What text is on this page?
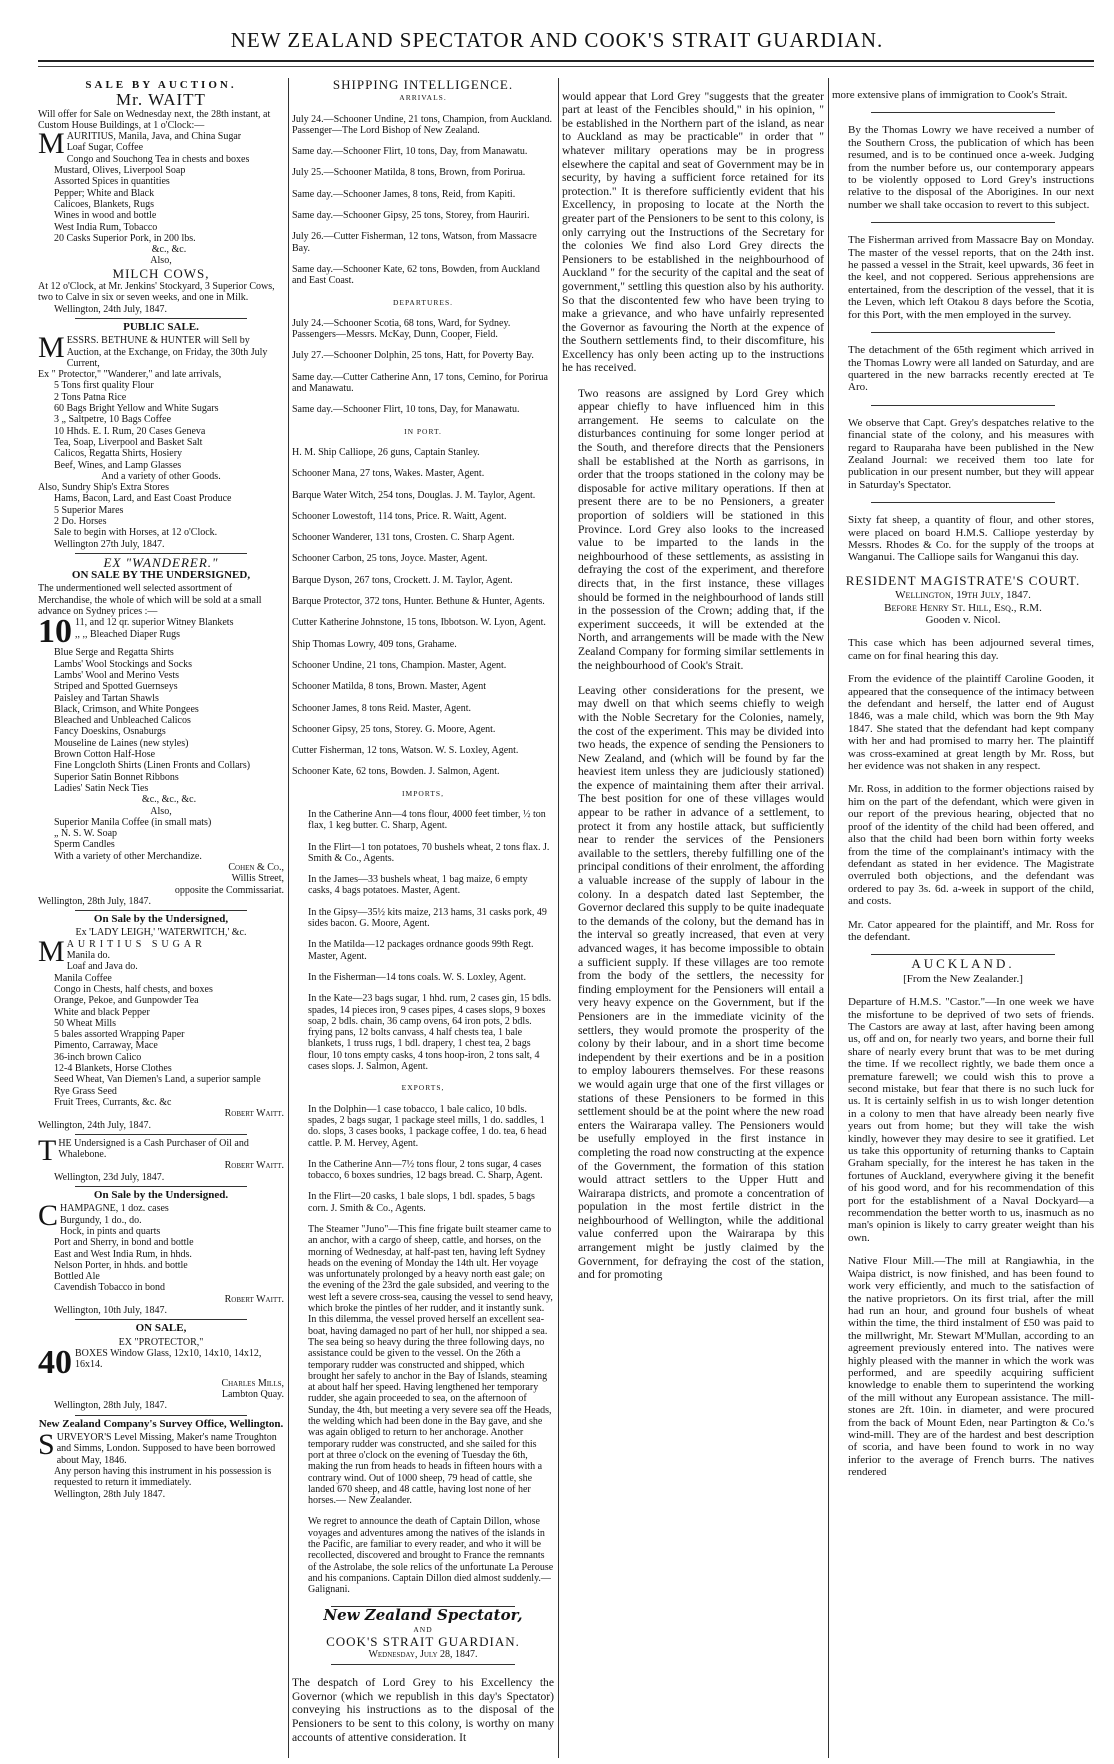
NEW ZEALAND SPECTATOR AND COOK'S STRAIT GUARDIAN.
SALE BY AUCTION.
Mr. WAITT

Will offer for Sale on Wednesday next, the 28th instant, at Custom House Buildings, at 1 o'Clock:—

M AURITIUS, Manila, Java, and China Sugar

Loaf Sugar, Coffee

Congo and Souchong Tea in chests and boxes

Mustard, Olives, Liverpool Soap

Assorted Spices in quantities

Pepper; White and Black

Calicoes, Blankets, Rugs

Wines in wood and bottle

West India Rum, Tobacco

20 Casks Superior Pork, in 200 lbs.

&c., &c.

Also,

MILCH COWS,

At 12 o'Clock, at Mr. Jenkins' Stockyard, 3 Superior Cows, two to Calve in six or seven weeks, and one in Milk.

Wellington, 24th July, 1847.

PUBLIC SALE.
M ESSRS. BETHUNE & HUNTER will Sell by Auction, at the Exchange, on Friday, the 30th July Current,

Ex " Protector," "Wanderer," and late arrivals,

5 Tons first quality Flour

2 Tons Patna Rice

60 Bags Bright Yellow and White Sugars

3 „ Saltpetre, 10 Bags Coffee

10 Hhds. E. I. Rum, 20 Cases Geneva

Tea, Soap, Liverpool and Basket Salt

Calicos, Regatta Shirts, Hosiery

Beef, Wines, and Lamp Glasses

And a variety of other Goods.

Also, Sundry Ship's Extra Stores

Hams, Bacon, Lard, and East Coast Produce

5 Superior Mares

2 Do. Horses

Sale to begin with Horses, at 12 o'Clock.

Wellington 27th July, 1847.

EX "WANDERER."
ON SALE BY THE UNDERSIGNED,

The undermentioned well selected assortment of Merchandise, the whole of which will be sold at a small advance on Sydney prices :—

10 11, and 12 qr. superior Witney Blankets

,, ,, Bleached Diaper Rugs

Blue Serge and Regatta Shirts

Lambs' Wool Stockings and Socks

Lambs' Wool and Merino Vests

Striped and Spotted Guernseys

Paisley and Tartan Shawls

Black, Crimson, and White Pongees

Bleached and Unbleached Calicos

Fancy Doeskins, Osnaburgs

Mouseline de Laines (new styles)

Brown Cotton Half-Hose

Fine Longcloth Shirts (Linen Fronts and Collars)

Superior Satin Bonnet Ribbons

Ladies' Satin Neck Ties

&c., &c., &c.

Also,

Superior Manila Coffee (in small mats)

„ N. S. W. Soap

Sperm Candles

With a variety of other Merchandize.

Cohen & Co.,

Willis Street,

opposite the Commissariat.

Wellington, 28th July, 1847.

On Sale by the Undersigned,

Ex 'LADY LEIGH,' 'WATERWITCH,' &c.

M AURITIUS SUGAR

Manila do.

Loaf and Java do.

Manila Coffee

Congo in Chests, half chests, and boxes

Orange, Pekoe, and Gunpowder Tea

White and black Pepper

50 Wheat Mills

5 bales assorted Wrapping Paper

Pimento, Carraway, Mace

36-inch brown Calico

12-4 Blankets, Horse Clothes

Seed Wheat, Van Diemen's Land, a superior sample

Rye Grass Seed

Fruit Trees, Currants, &c. &c

Robert Waitt.

Wellington, 24th July, 1847.

T HE Undersigned is a Cash Purchaser of Oil and Whalebone.

Robert Waitt.

Wellington, 23d July, 1847.

On Sale by the Undersigned.
C HAMPAGNE, 1 doz. cases

Burgundy, 1 do., do.

Hock, in pints and quarts

Port and Sherry, in bond and bottle

East and West India Rum, in hhds.

Nelson Porter, in hhds. and bottle

Bottled Ale

Cavendish Tobacco in bond

Robert Waitt.

Wellington, 10th July, 1847.

ON SALE,

EX "PROTECTOR,"

40 BOXES Window Glass, 12x10, 14x10, 14x12, 16x14.

Charles Mills,

Lambton Quay.

Wellington, 28th July, 1847.

New Zealand Company's Survey Office, Wellington.
S URVEYOR'S Level Missing, Maker's name Troughton and Simms, London. Supposed to have been borrowed about May, 1846.

Any person having this instrument in his possession is requested to return it immediately.

Wellington, 28th July 1847.

SHIPPING INTELLIGENCE.
ARRIVALS.

July 24.—Schooner Undine, 21 tons, Champion, from Auckland. Passenger—The Lord Bishop of New Zealand.

Same day.—Schooner Flirt, 10 tons, Day, from Manawatu.

July 25.—Schooner Matilda, 8 tons, Brown, from Porirua.

Same day.—Schooner James, 8 tons, Reid, from Kapiti.

Same day.—Schooner Gipsy, 25 tons, Storey, from Hauriri.

July 26.—Cutter Fisherman, 12 tons, Watson, from Massacre Bay.

Same day.—Schooner Kate, 62 tons, Bowden, from Auckland and East Coast.

DEPARTURES.

July 24.—Schooner Scotia, 68 tons, Ward, for Sydney. Passengers—Messrs. McKay, Dunn, Cooper, Field.

July 27.—Schooner Dolphin, 25 tons, Hatt, for Poverty Bay.

Same day.—Cutter Catherine Ann, 17 tons, Cemino, for Porirua and Manawatu.

Same day.—Schooner Flirt, 10 tons, Day, for Manawatu.

IN PORT.

H. M. Ship Calliope, 26 guns, Captain Stanley.

Schooner Mana, 27 tons, Wakes. Master, Agent.

Barque Water Witch, 254 tons, Douglas. J. M. Taylor, Agent.

Schooner Lowestoft, 114 tons, Price. R. Waitt, Agent.

Schooner Wanderer, 131 tons, Crosten. C. Sharp Agent.

Schooner Carbon, 25 tons, Joyce. Master, Agent.

Barque Dyson, 267 tons, Crockett. J. M. Taylor, Agent.

Barque Protector, 372 tons, Hunter. Bethune & Hunter, Agents.

Cutter Katherine Johnstone, 15 tons, Ibbotson. W. Lyon, Agent.

Ship Thomas Lowry, 409 tons, Grahame.

Schooner Undine, 21 tons, Champion. Master, Agent.

Schooner Matilda, 8 tons, Brown. Master, Agent

Schooner James, 8 tons Reid. Master, Agent.

Schooner Gipsy, 25 tons, Storey. G. Moore, Agent.

Cutter Fisherman, 12 tons, Watson. W. S. Loxley, Agent.

Schooner Kate, 62 tons, Bowden. J. Salmon, Agent.

IMPORTS,

In the Catherine Ann—4 tons flour, 4000 feet timber, ½ ton flax, 1 keg butter. C. Sharp, Agent.

In the Flirt—1 ton potatoes, 70 bushels wheat, 2 tons flax. J. Smith & Co., Agents.

In the James—33 bushels wheat, 1 bag maize, 6 empty casks, 4 bags potatoes. Master, Agent.

In the Gipsy—35½ kits maize, 213 hams, 31 casks pork, 49 sides bacon. G. Moore, Agent.

In the Matilda—12 packages ordnance goods 99th Regt. Master, Agent.

In the Fisherman—14 tons coals. W. S. Loxley, Agent.

In the Kate—23 bags sugar, 1 hhd. rum, 2 cases gin, 15 bdls. spades, 14 pieces iron, 9 cases pipes, 4 cases slops, 9 boxes soap, 2 bdls. chain, 36 camp ovens, 64 iron pots, 2 bdls. frying pans, 12 bolts canvass, 4 half chests tea, 1 bale blankets, 1 truss rugs, 1 bdl. drapery, 1 chest tea, 2 bags flour, 10 tons empty casks, 4 tons hoop-iron, 2 tons salt, 4 cases slops. J. Salmon, Agent.

EXPORTS,

In the Dolphin—1 case tobacco, 1 bale calico, 10 bdls. spades, 2 bags sugar, 1 package steel mills, 1 do. saddles, 1 do. slops, 3 cases books, 1 package coffee, 1 do. tea, 6 head cattle. P. M. Hervey, Agent.

In the Catherine Ann—7½ tons flour, 2 tons sugar, 4 cases tobacco, 6 boxes sundries, 12 bags bread. C. Sharp, Agent.

In the Flirt—20 casks, 1 bale slops, 1 bdl. spades, 5 bags corn. J. Smith & Co., Agents.

The Steamer "Juno"—This fine frigate built steamer came to an anchor, with a cargo of sheep, cattle, and horses, on the morning of Wednesday, at half-past ten, having left Sydney heads on the evening of Monday the 14th ult. Her voyage was unfortunately prolonged by a heavy north east gale; on the evening of the 23rd the gale subsided, and veering to the west left a severe cross-sea, causing the vessel to send heavy, which broke the pintles of her rudder, and it instantly sunk. In this dilemma, the vessel proved herself an excellent sea-boat, having damaged no part of her hull, nor shipped a sea. The sea being so heavy during the three following days, no assistance could be given to the vessel. On the 26th a temporary rudder was constructed and shipped, which brought her safely to anchor in the Bay of Islands, steaming at about half her speed. Having lengthened her temporary rudder, she again proceeded to sea, on the afternoon of Sunday, the 4th, but meeting a very severe sea off the Heads, the welding which had been done in the Bay gave, and she was again obliged to return to her anchorage. Another temporary rudder was constructed, and she sailed for this port at three o'clock on the evening of Tuesday the 6th, making the run from heads to heads in fifteen hours with a contrary wind. Out of 1000 sheep, 79 head of cattle, she landed 670 sheep, and 48 cattle, having lost none of her horses.— New Zealander.

We regret to announce the death of Captain Dillon, whose voyages and adventures among the natives of the islands in the Pacific, are familiar to every reader, and who it will be recollected, discovered and brought to France the remnants of the Astrolabe, the sole relics of the unfortunate La Perouse and his companions. Captain Dillon died almost suddenly.—Galignani.

New Zealand Spectator,
AND
COOK'S STRAIT GUARDIAN.
Wednesday, July 28, 1847.

The despatch of Lord Grey to his Excellency the Governor (which we republish in this day's Spectator) conveying his instructions as to the disposal of the Pensioners to be sent to this colony, is worthy on many accounts of attentive consideration. It

would appear that Lord Grey "suggests that the greater part at least of the Fencibles should," in his opinion, " be established in the Northern part of the island, as near to Auckland as may be practicable" in order that " whatever military operations may be in progress elsewhere the capital and seat of Government may be in security, by having a sufficient force retained for its protection." It is therefore sufficiently evident that his Excellency, in proposing to locate at the North the greater part of the Pensioners to be sent to this colony, is only carrying out the Instructions of the Secretary for the colonies We find also Lord Grey directs the Pensioners to be established in the neighbourhood of Auckland " for the security of the capital and the seat of government," settling this question also by his authority. So that the discontented few who have been trying to make a grievance, and who have unfairly represented the Governor as favouring the North at the expence of the Southern settlements find, to their discomfiture, his Excellency has only been acting up to the instructions he has received.

Two reasons are assigned by Lord Grey which appear chiefly to have influenced him in this arrangement. He seems to calculate on the disturbances continuing for some longer period at the South, and therefore directs that the Pensioners shall be established at the North as garrisons, in order that the troops stationed in the colony may be disposable for active military operations. If then at present there are to be no Pensioners, a greater proportion of soldiers will be stationed in this Province. Lord Grey also looks to the increased value to be imparted to the lands in the neighbourhood of these settlements, as assisting in defraying the cost of the experiment, and therefore directs that, in the first instance, these villages should be formed in the neighbourhood of lands still in the possession of the Crown; adding that, if the experiment succeeds, it will be extended at the North, and arrangements will be made with the New Zealand Company for forming similar settlements in the neighbourhood of Cook's Strait.

Leaving other considerations for the present, we may dwell on that which seems chiefly to weigh with the Noble Secretary for the Colonies, namely, the cost of the experiment. This may be divided into two heads, the expence of sending the Pensioners to New Zealand, and (which will be found by far the heaviest item unless they are judiciously stationed) the expence of maintaining them after their arrival. The best position for one of these villages would appear to be rather in advance of a settlement, to protect it from any hostile attack, but sufficiently near to render the services of the Pensioners available to the settlers, thereby fulfilling one of the principal conditions of their enrolment, the affording a valuable increase of the supply of labour in the colony. In a despatch dated last September, the Governor declared this supply to be quite inadequate to the demands of the colony, but the demand has in the interval so greatly increased, that even at very advanced wages, it has become impossible to obtain a sufficient supply. If these villages are too remote from the body of the settlers, the necessity for finding employment for the Pensioners will entail a very heavy expence on the Government, but if the Pensioners are in the immediate vicinity of the settlers, they would promote the prosperity of the colony by their labour, and in a short time become independent by their exertions and be in a position to employ labourers themselves. For these reasons we would again urge that one of the first villages or stations of these Pensioners to be formed in this settlement should be at the point where the new road enters the Wairarapa valley. The Pensioners would be usefully employed in the first instance in completing the road now constructing at the expence of the Government, the formation of this station would attract settlers to the Upper Hutt and Wairarapa districts, and promote a concentration of population in the most fertile district in the neighbourhood of Wellington, while the additional value conferred upon the Wairarapa by this arrangement might be justly claimed by the Government, for defraying the cost of the station, and for promoting

more extensive plans of immigration to Cook's Strait.

By the Thomas Lowry we have received a number of the Southern Cross, the publication of which has been resumed, and is to be continued once a-week. Judging from the number before us, our contemporary appears to be violently opposed to Lord Grey's instructions relative to the disposal of the Aborigines. In our next number we shall take occasion to revert to this subject.

The Fisherman arrived from Massacre Bay on Monday. The master of the vessel reports, that on the 24th inst. he passed a vessel in the Strait, keel upwards, 36 feet in the keel, and not coppered. Serious apprehensions are entertained, from the description of the vessel, that it is the Leven, which left Otakou 8 days before the Scotia, for this Port, with the men employed in the survey.

The detachment of the 65th regiment which arrived in the Thomas Lowry were all landed on Saturday, and are quartered in the new barracks recently erected at Te Aro.

We observe that Capt. Grey's despatches relative to the financial state of the colony, and his measures with regard to Rauparaha have been published in the New Zealand Journal: we received them too late for publication in our present number, but they will appear in Saturday's Spectator.

Sixty fat sheep, a quantity of flour, and other stores, were placed on board H.M.S. Calliope yesterday by Messrs. Rhodes & Co. for the supply of the troops at Wanganui. The Calliope sails for Wanganui this day.

RESIDENT MAGISTRATE'S COURT.
Wellington, 19th July, 1847.
Before Henry St. Hill, Esq., R.M.
Gooden v. Nicol.

This case which has been adjourned several times, came on for final hearing this day.

From the evidence of the plaintiff Caroline Gooden, it appeared that the consequence of the intimacy between the defendant and herself, the latter end of August 1846, was a male child, which was born the 9th May 1847. She stated that the defendant had kept company with her and had promised to marry her. The plaintiff was cross-examined at great length by Mr. Ross, but her evidence was not shaken in any respect.

Mr. Ross, in addition to the former objections raised by him on the part of the defendant, which were given in our report of the previous hearing, objected that no proof of the identity of the child had been offered, and also that the child had been born within forty weeks from the time of the complainant's intimacy with the defendant as stated in her evidence. The Magistrate overruled both objections, and the defendant was ordered to pay 3s. 6d. a-week in support of the child, and costs.

Mr. Cator appeared for the plaintiff, and Mr. Ross for the defendant.

AUCKLAND.
[From the New Zealander.]

Departure of H.M.S. "Castor."—In one week we have the misfortune to be deprived of two sets of friends. The Castors are away at last, after having been among us, off and on, for nearly two years, and borne their full share of nearly every brunt that was to be met during the time. If we recollect rightly, we bade them once a premature farewell; we could wish this to prove a second mistake, but fear that there is no such luck for us. It is certainly selfish in us to wish longer detention in a colony to men that have already been nearly five years out from home; but they will take the wish kindly, however they may desire to see it gratified. Let us take this opportunity of returning thanks to Captain Graham specially, for the interest he has taken in the fortunes of Auckland, everywhere giving it the benefit of his good word, and for his recommendation of this port for the establishment of a Naval Dockyard—a recommendation the better worth to us, inasmuch as no man's opinion is likely to carry greater weight than his own.

Native Flour Mill.—The mill at Rangiawhia, in the Waipa district, is now finished, and has been found to work very efficiently, and much to the satisfaction of the native proprietors. On its first trial, after the mill had run an hour, and ground four bushels of wheat within the time, the third instalment of £50 was paid to the millwright, Mr. Stewart M'Mullan, according to an agreement previously entered into. The natives were highly pleased with the manner in which the work was performed, and are speedily acquiring sufficient knowledge to enable them to superintend the working of the mill without any European assistance. The mill-stones are 2ft. 10in. in diameter, and were procured from the back of Mount Eden, near Partington & Co.'s wind-mill. They are of the hardest and best description of scoria, and have been found to work in no way inferior to the average of French burrs. The natives rendered
